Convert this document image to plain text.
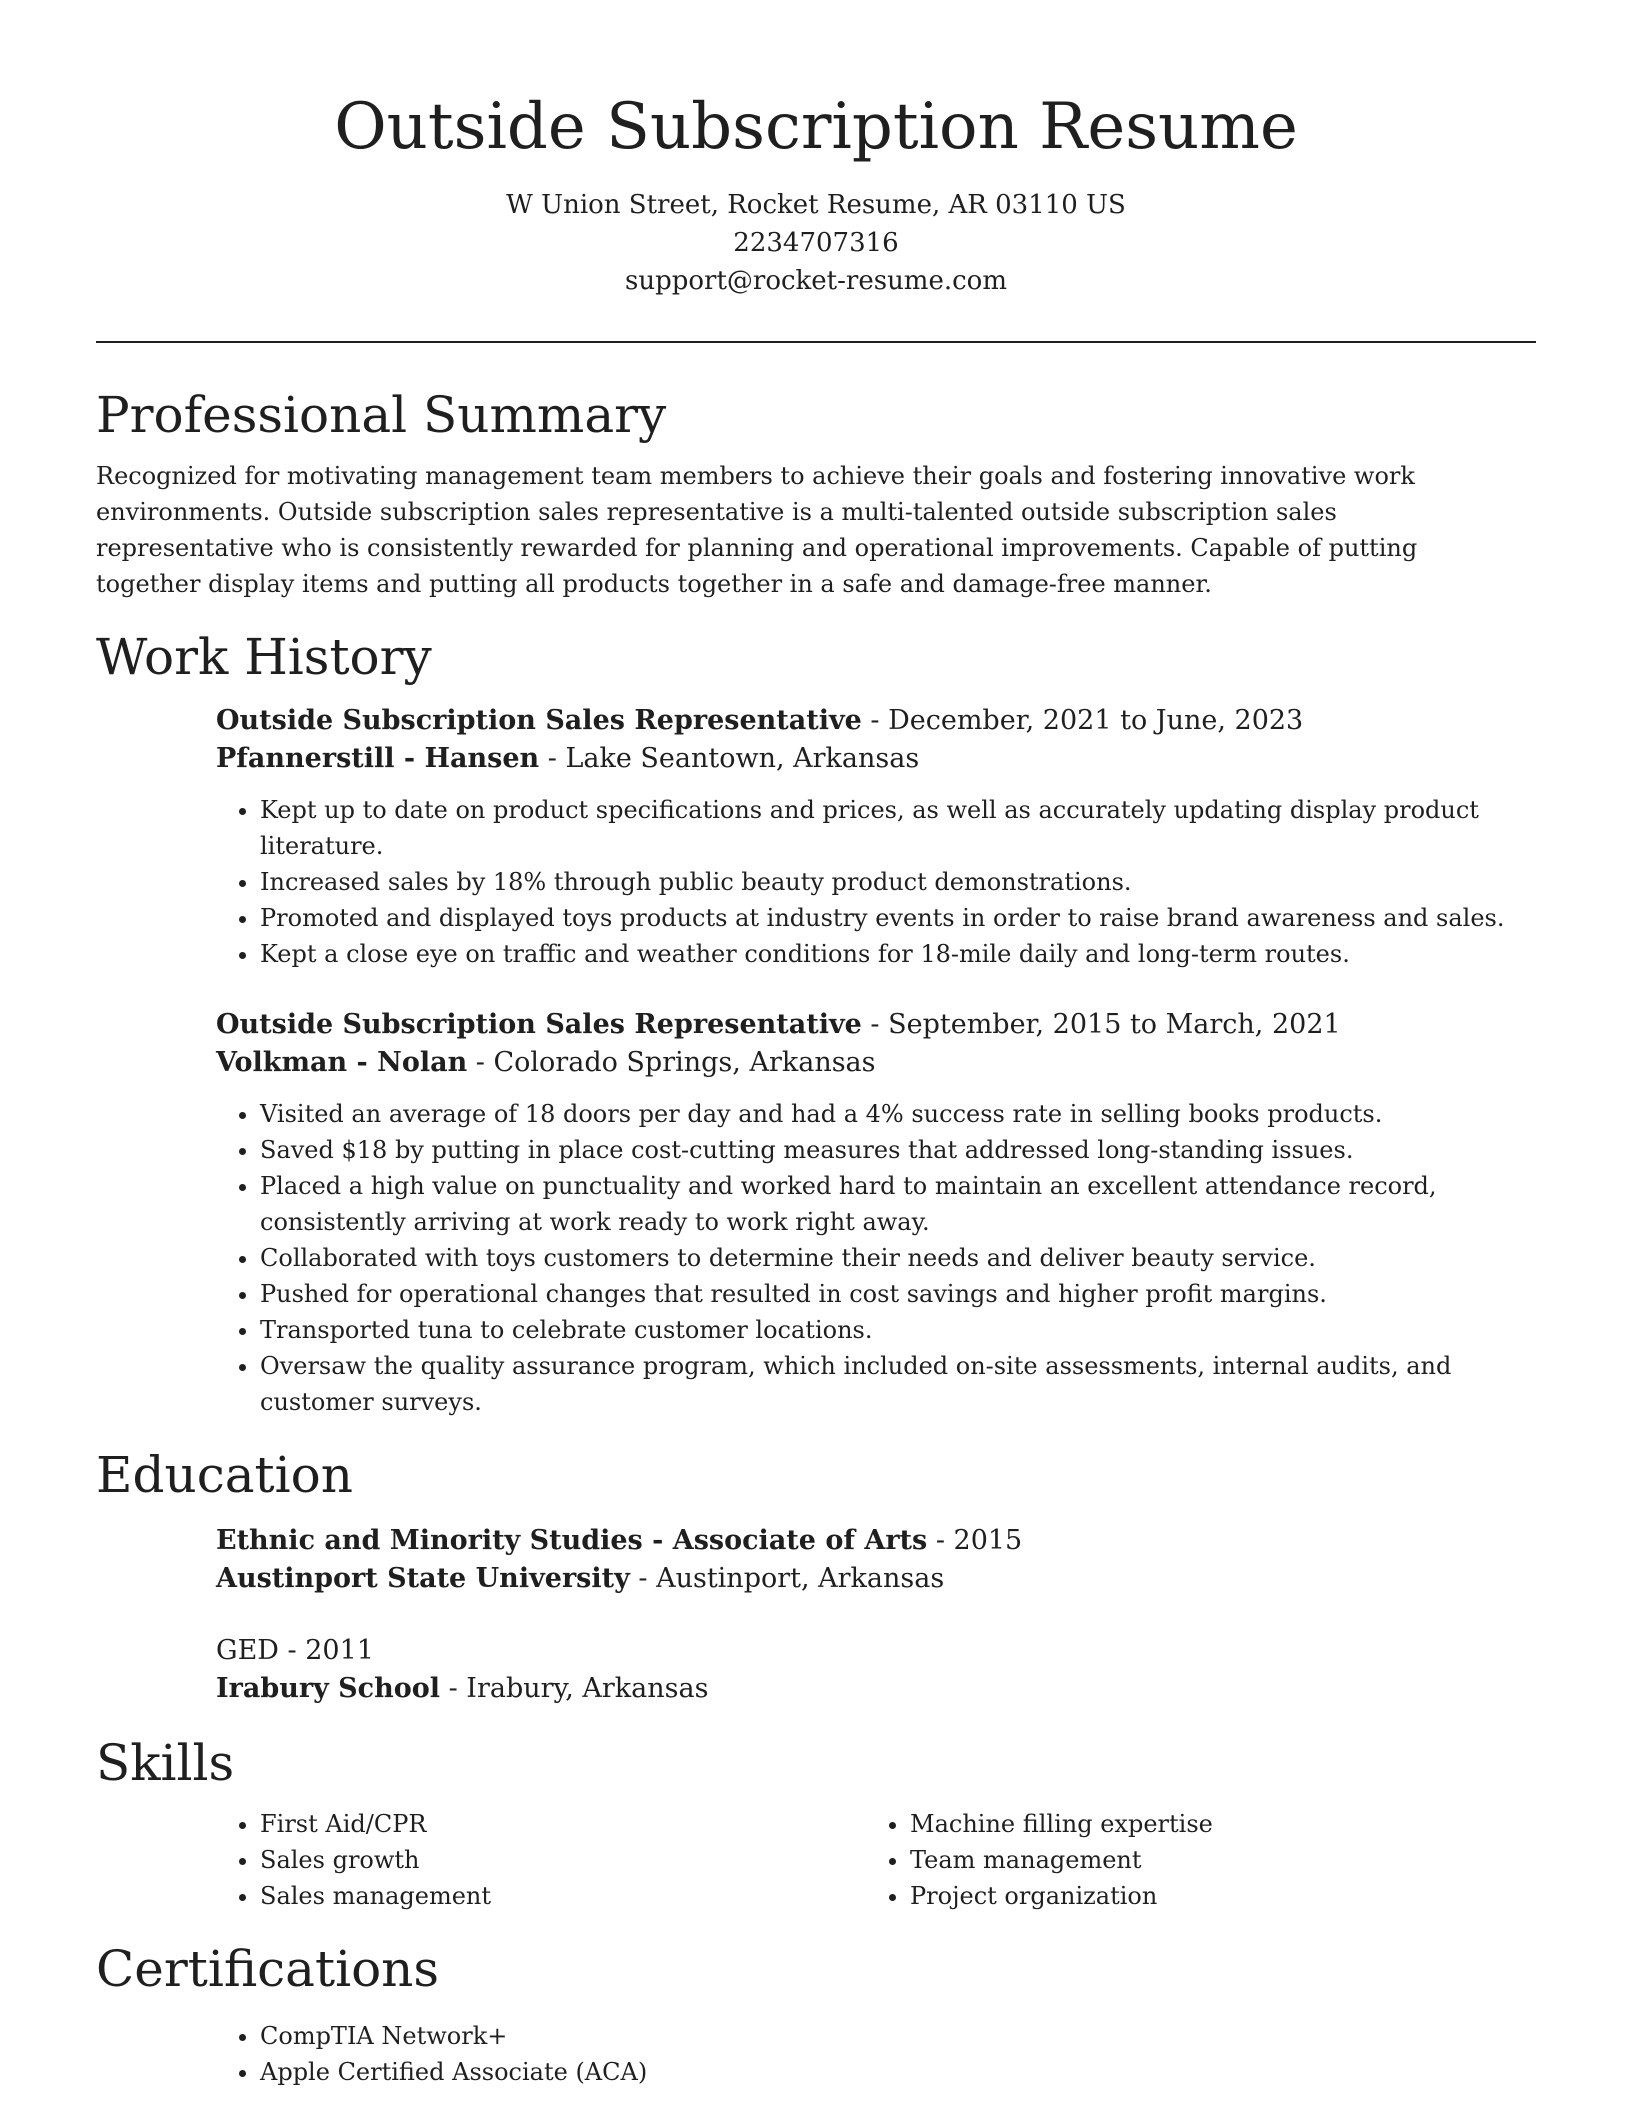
Outside Subscription Resume

W Union Street, Rocket Resume, AR 03110 US

2234707316

support@rocket-resume.com

Professional Summary

Recognized for motivating management team members to achieve their goals and fostering innovative work environments. Outside subscription sales representative is a multi-talented outside subscription sales representative who is consistently rewarded for planning and operational improvements. Capable of putting together display items and putting all products together in a safe and damage-free manner.

Work History

Outside Subscription Sales Representative - December, 2021 to June, 2023

Pfannerstill - Hansen - Lake Seantown, Arkansas

• Kept up to date on product specifications and prices, as well as accurately updating display product literature.
• Increased sales by 18% through public beauty product demonstrations.
• Promoted and displayed toys products at industry events in order to raise brand awareness and sales.
• Kept a close eye on traffic and weather conditions for 18-mile daily and long-term routes.

Outside Subscription Sales Representative - September, 2015 to March, 2021

Volkman - Nolan - Colorado Springs, Arkansas

• Visited an average of 18 doors per day and had a 4% success rate in selling books products.
• Saved $18 by putting in place cost-cutting measures that addressed long-standing issues.
• Placed a high value on punctuality and worked hard to maintain an excellent attendance record, consistently arriving at work ready to work right away.
• Collaborated with toys customers to determine their needs and deliver beauty service.
• Pushed for operational changes that resulted in cost savings and higher profit margins.
• Transported tuna to celebrate customer locations.
• Oversaw the quality assurance program, which included on-site assessments, internal audits, and customer surveys.
Education

Ethnic and Minority Studies - Associate of Arts - 2015

Austinport State University - Austinport, Arkansas

GED - 2011

Irabury School - Irabury, Arkansas

Skills
• First Aid/CPR
• Sales growth
• Sales management
• Machine filling expertise
• Team management
• Project organization
Certifications
• CompTIA Network+
• Apple Certified Associate (ACA)
